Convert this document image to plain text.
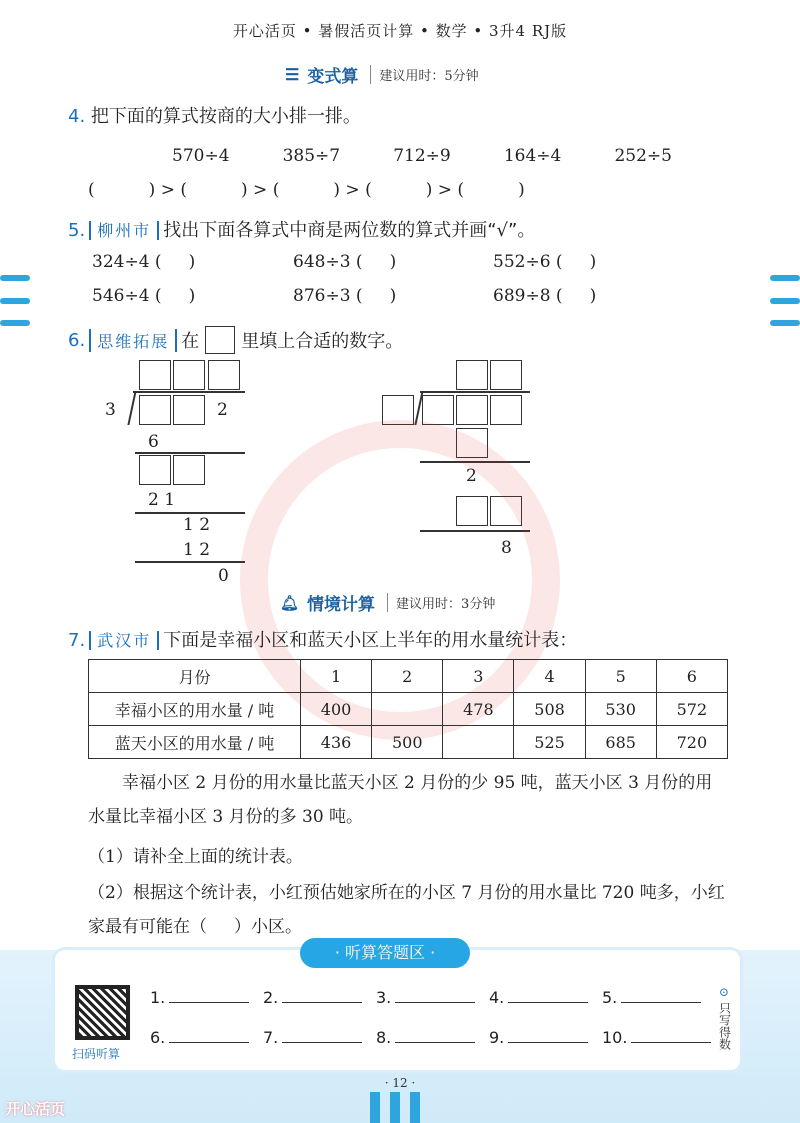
开心活页 • 暑假活页计算 • 数学 • 3升4 RJ版
☰ 变式算	建议用时：5分钟
4. 把下面的算式按商的大小排一排。
570÷4	385÷7	712÷9	164÷4	252÷5
(          ) > (          ) > (          ) > (          ) > (          )
5. 柳州市 找出下面各算式中商是两位数的算式并画“√”。
324÷4 (     )	648÷3 (     )	552÷6 (     )
546÷4 (     )	876÷3 (     )	689÷8 (     )
6. 思维拓展 在 里填上合适的数字。
3	2
6
2 1
1 2
1 2
0
2
8
🔔︎ 情境计算	建议用时：3分钟
7. 武汉市 下面是幸福小区和蓝天小区上半年的用水量统计表：
月份	1	2	3	4	5	6
幸福小区的用水量 / 吨	400		478	508	530	572
蓝天小区的用水量 / 吨	436	500		525	685	720
幸福小区 2 月份的用水量比蓝天小区 2 月份的少 95 吨，蓝天小区 3 月份的用水量比幸福小区 3 月份的多 30 吨。
（1）请补全上面的统计表。
（2）根据这个统计表，小红预估她家所在的小区 7 月份的用水量比 720 吨多，小红家最有可能在（     ）小区。
· 听算答题区 ·
扫码听算
1.	2.	3.	4.	5.
6.	7.	8.	9.	10.
⊙
只写得数
· 12 ·
开心活页
